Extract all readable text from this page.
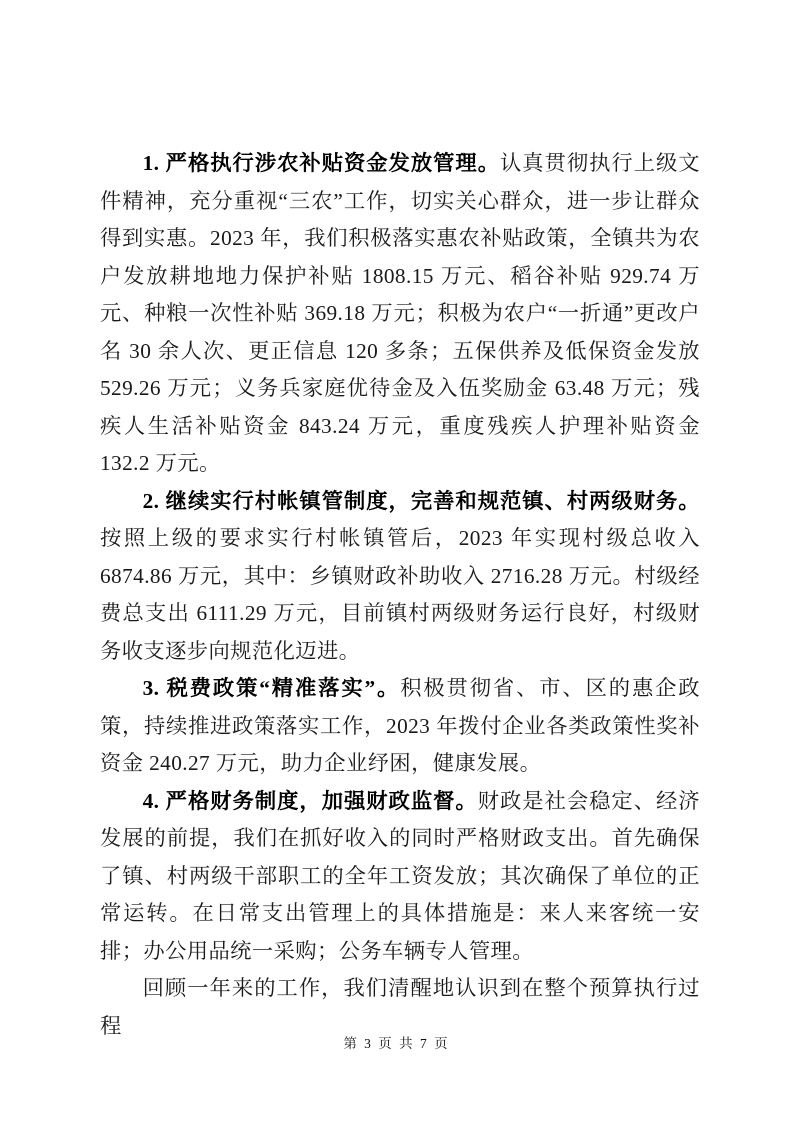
1. 严格执行涉农补贴资金发放管理。认真贯彻执行上级文件精神，充分重视“三农”工作，切实关心群众，进一步让群众得到实惠。2023 年，我们积极落实惠农补贴政策，全镇共为农户发放耕地地力保护补贴 1808.15 万元、稻谷补贴 929.74 万元、种粮一次性补贴 369.18 万元；积极为农户“一折通”更改户名 30 余人次、更正信息 120 多条；五保供养及低保资金发放 529.26 万元；义务兵家庭优待金及入伍奖励金 63.48 万元；残疾人生活补贴资金 843.24 万元，重度残疾人护理补贴资金 132.2 万元。

2. 继续实行村帐镇管制度，完善和规范镇、村两级财务。按照上级的要求实行村帐镇管后，2023 年实现村级总收入 6874.86 万元，其中：乡镇财政补助收入 2716.28 万元。村级经费总支出 6111.29 万元，目前镇村两级财务运行良好，村级财务收支逐步向规范化迈进。

3. 税费政策“精准落实”。积极贯彻省、市、区的惠企政策，持续推进政策落实工作，2023 年拨付企业各类政策性奖补资金 240.27 万元，助力企业纾困，健康发展。

4. 严格财务制度，加强财政监督。财政是社会稳定、经济发展的前提，我们在抓好收入的同时严格财政支出。首先确保了镇、村两级干部职工的全年工资发放；其次确保了单位的正常运转。在日常支出管理上的具体措施是：来人来客统一安排；办公用品统一采购；公务车辆专人管理。

回顾一年来的工作，我们清醒地认识到在整个预算执行过程

第 3 页 共 7 页
